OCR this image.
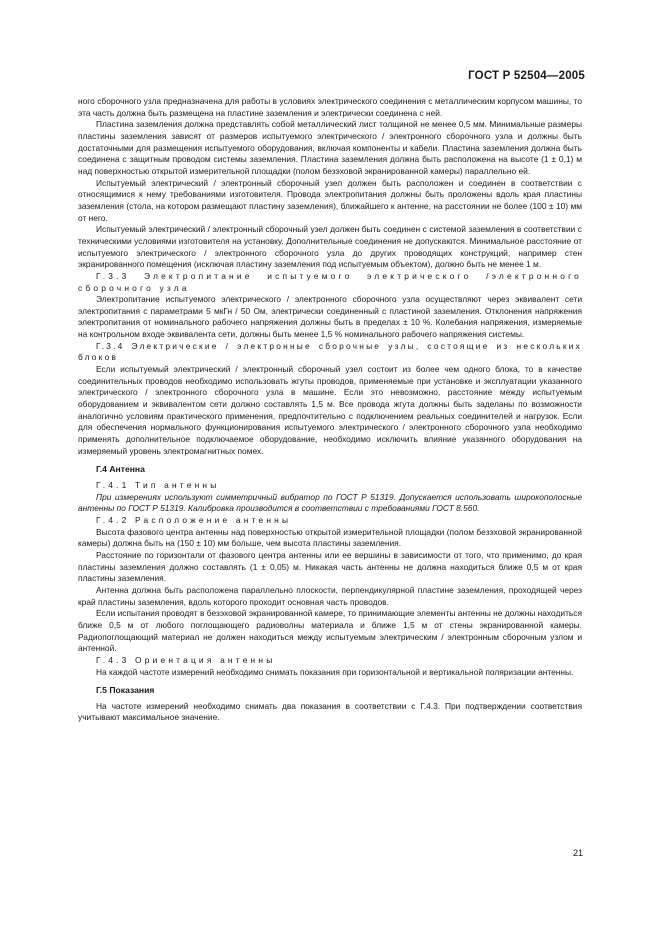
ГОСТ Р 52504—2005

ного сборочного узла предназначена для работы в условиях электрического соединения с металлическим корпусом машины, то эта часть должна быть размещена на пластине заземления и электрически соединена с ней.

Пластина заземления должна представлять собой металлический лист толщиной не менее 0,5 мм. Минимальные размеры пластины заземления зависят от размеров испытуемого электрического / электронного сборочного узла и должны быть достаточными для размещения испытуемого оборудования, включая компоненты и кабели. Пластина заземления должна быть соединена с защитным проводом системы заземления. Пластина заземления должна быть расположена на высоте (1 ± 0,1) м над поверхностью открытой измерительной площадки (полом безэховой экранированной камеры) параллельно ей.

Испытуемый электрический / электронный сборочный узел должен быть расположен и соединен в соответствии с относящимися к нему требованиями изготовителя. Провода электропитания должны быть проложены вдоль края пластины заземления (стола, на котором размещают пластину заземления), ближайшего к антенне, на расстоянии не более (100 ± 10) мм от него.

Испытуемый электрический / электронный сборочный узел должен быть соединен с системой заземления в соответствии с техническими условиями изготовителя на установку. Дополнительные соединения не допускаются. Минимальное расстояние от испытуемого электрического / электронного сборочного узла до других проводящих конструкций, например стен экранированного помещения (исключая пластину заземления под испытуемым объектом), должно быть не менее 1 м.

Г.3.3 Электропитание испытуемого электрического /электронного сборочного узла

Электропитание испытуемого электрического / электронного сборочного узла осуществляют через эквивалент сети электропитания с параметрами 5 мкГн / 50 Ом, электрически соединенный с пластиной заземления. Отклонения напряжения электропитания от номинального рабочего напряжения должны быть в пределах ± 10 %. Колебания напряжения, измеряемые на контрольном входе эквивалента сети, должны быть менее 1,5 % номинального рабочего напряжения системы.

Г.3.4 Электрические / электронные сборочные узлы, состоящие из нескольких блоков

Если испытуемый электрический / электронный сборочный узел состоит из более чем одного блока, то в качестве соединительных проводов необходимо использовать жгуты проводов, применяемые при установке и эксплуатации указанного электрического / электронного сборочного узла в машине. Если это невозможно, расстояние между испытуемым оборудованием и эквивалентом сети должно составлять 1,5 м. Все провода жгута должны быть заделаны по возможности аналогично условиям практического применения, предпочтительно с подключением реальных соединителей и нагрузок. Если для обеспечения нормального функционирования испытуемого электрического / электронного сборочного узла необходимо применять дополнительное подключаемое оборудование, необходимо исключить влияние указанного оборудования на измеряемый уровень электромагнитных помех.

Г.4 Антенна

Г.4.1 Тип антенны

При измерениях используют симметричный вибратор по ГОСТ Р 51319. Допускается использовать широкополосные антенны по ГОСТ Р 51319. Калибровка производится в соответствии с требованиями ГОСТ 8.560.

Г.4.2 Расположение антенны

Высота фазового центра антенны над поверхностью открытой измерительной площадки (полом безэховой экранированной камеры) должна быть на (150 ± 10) мм больше, чем высота пластины заземления.

Расстояние по горизонтали от фазового центра антенны или ее вершины в зависимости от того, что применимо, до края пластины заземления должно составлять (1 ± 0,05) м. Никакая часть антенны не должна находиться ближе 0,5 м от края пластины заземления.

Антенна должна быть расположена параллельно плоскости, перпендикулярной пластине заземления, проходящей через край пластины заземления, вдоль которого проходит основная часть проводов.

Если испытания проводят в безэховой экранированной камере, то принимающие элементы антенны не должны находиться ближе 0,5 м от любого поглощающего радиоволны материала и ближе 1,5 м от стены экранированной камеры. Радиопоглощающий материал не должен находиться между испытуемым электрическим / электронным сборочным узлом и антенной.

Г.4.3 Ориентация антенны

На каждой частоте измерений необходимо снимать показания при горизонтальной и вертикальной поляризации антенны.

Г.5 Показания

На частоте измерений необходимо снимать два показания в соответствии с Г.4.3. При подтверждении соответствия учитывают максимальное значение.

21
